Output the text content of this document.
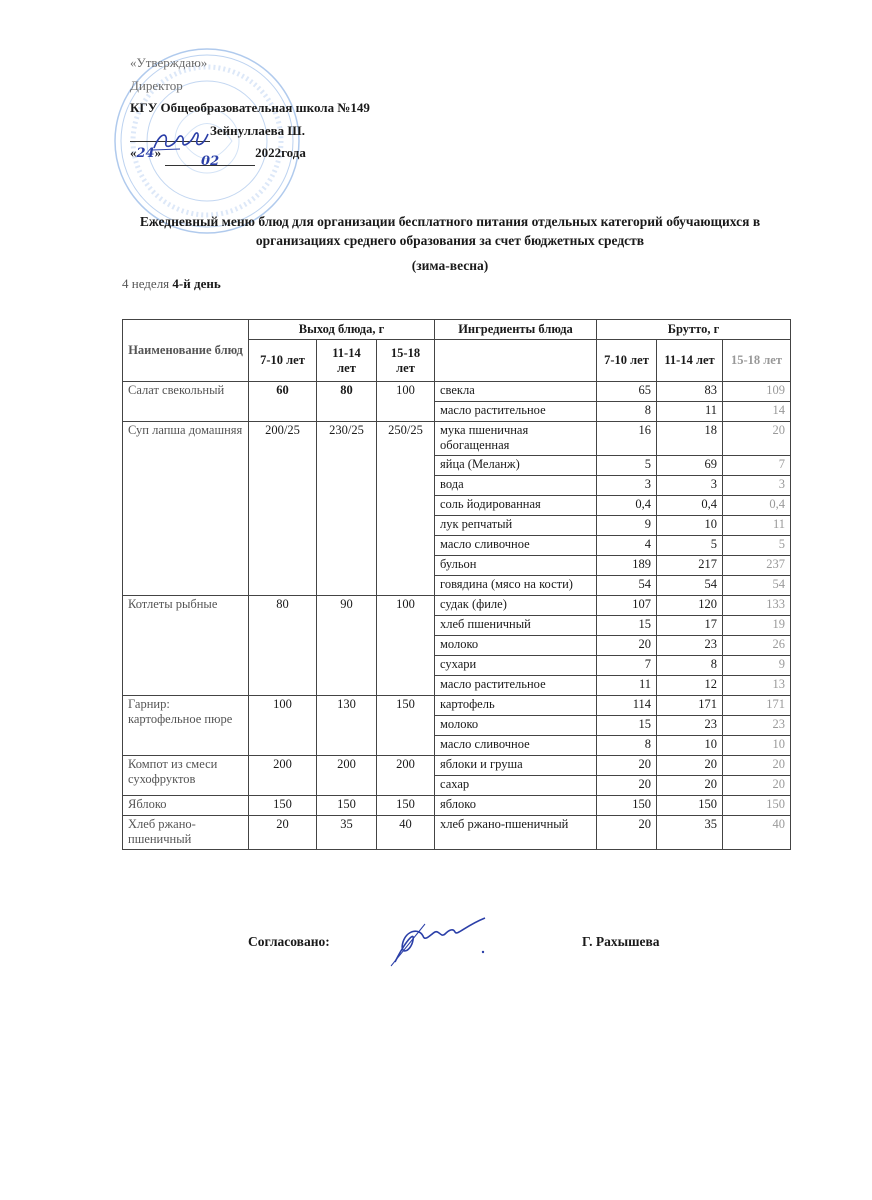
«Утверждаю»
Директор
КГУ Общеобразовательная школа №149
Зейнуллаева Ш.
«24»022022года
Ежедневный меню блюд для организации бесплатного питания отдельных категорий обучающихся в организациях среднего образования за счет бюджетных средств
(зима-весна)
4 неделя 4-й день
Наименование блюд	Выход блюда, г			Ингредиенты блюда	Брутто, г		
	7-10 лет	11-14 лет	15-18 лет		7-10 лет	11-14 лет	15-18 лет
Салат свекольный	60	80	100	свекла	65	83	109
				масло растительное	8	11	14
Суп лапша домашняя	200/25	230/25	250/25	мука пшеничная обогащенная	16	18	20
				яйца (Меланж)	5	69	7
				вода	3	3	3
				соль йодированная	0,4	0,4	0,4
				лук репчатый	9	10	11
				масло сливочное	4	5	5
				бульон	189	217	237
				говядина (мясо на кости)	54	54	54
Котлеты рыбные	80	90	100	судак (филе)	107	120	133
				хлеб пшеничный	15	17	19
				молоко	20	23	26
				сухари	7	8	9
				масло растительное	11	12	13
Гарнир: картофельное пюре	100	130	150	картофель	114	171	171
				молоко	15	23	23
				масло сливочное	8	10	10
Компот из смеси сухофруктов	200	200	200	яблоки и груша	20	20	20
				сахар	20	20	20
Яблоко	150	150	150	яблоко	150	150	150
Хлеб ржано-пшеничный	20	35	40	хлеб ржано-пшеничный	20	35	40
Согласовано:	Г. Рахышева
